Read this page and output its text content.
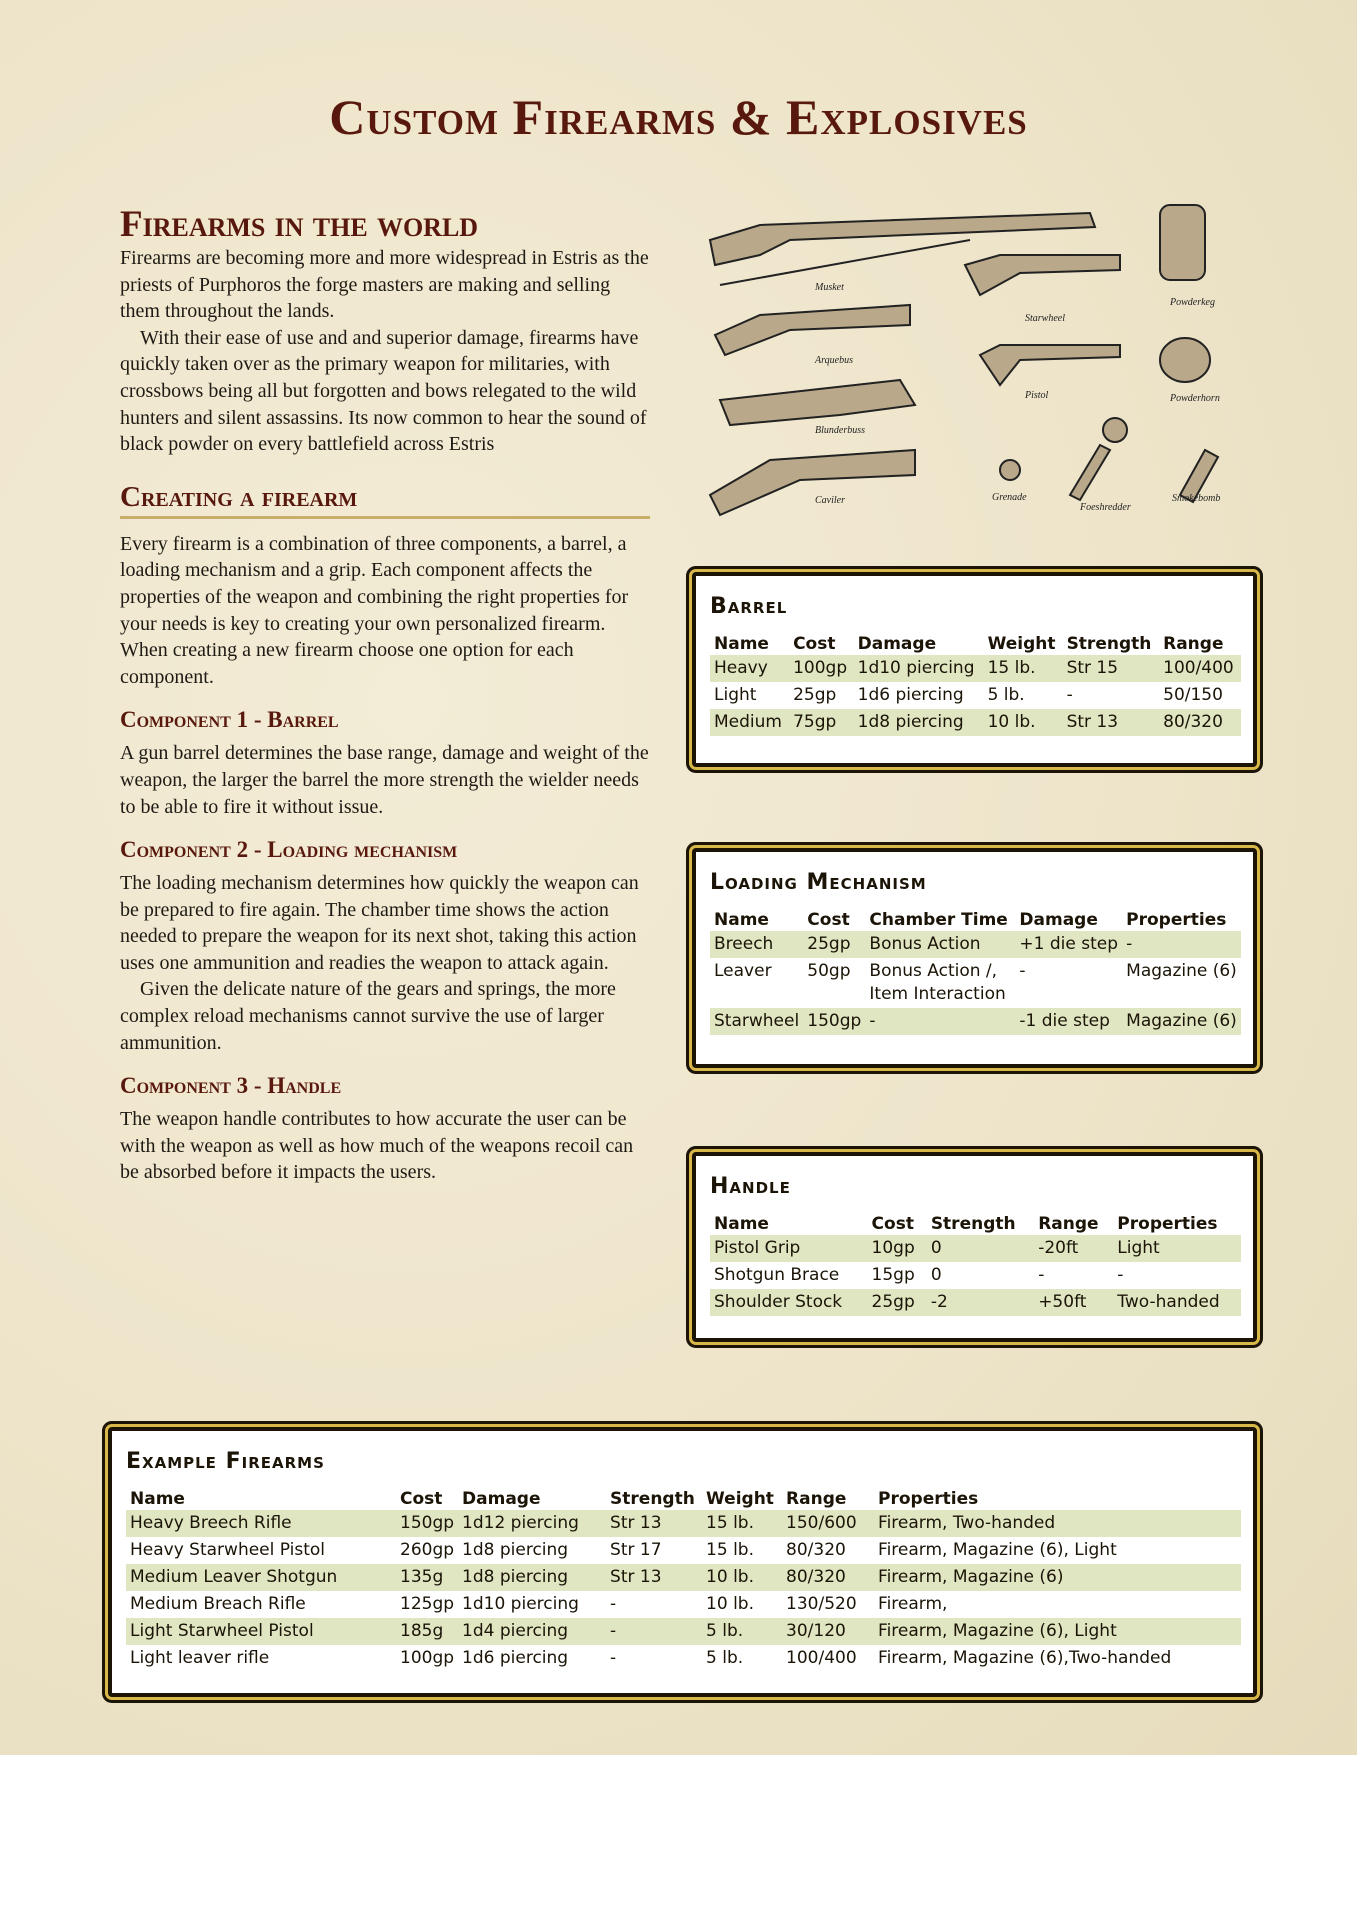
Custom Firearms & Explosives
Firearms in the world

Firearms are becoming more and more widespread in Estris as the priests of Purphoros the forge masters are making and selling them throughout the lands.

With their ease of use and and superior damage, firearms have quickly taken over as the primary weapon for militaries, with crossbows being all but forgotten and bows relegated to the wild hunters and silent assassins. Its now common to hear the sound of black powder on every battlefield across Estris

Creating a firearm

Every firearm is a combination of three components, a barrel, a loading mechanism and a grip. Each component affects the properties of the weapon and combining the right properties for your needs is key to creating your own personalized firearm. When creating a new firearm choose one option for each component.

Component 1 - Barrel

A gun barrel determines the base range, damage and weight of the weapon, the larger the barrel the more strength the wielder needs to be able to fire it without issue.

Component 2 - Loading mechanism

The loading mechanism determines how quickly the weapon can be prepared to fire again. The chamber time shows the action needed to prepare the weapon for its next shot, taking this action uses one ammunition and readies the weapon to attack again.

Given the delicate nature of the gears and springs, the more complex reload mechanisms cannot survive the use of larger ammunition.

Component 3 - Handle

The weapon handle contributes to how accurate the user can be with the weapon as well as how much of the weapons recoil can be absorbed before it impacts the users.

Musket
Starwheel
Powderkeg
Arquebus
Pistol	Powderhorn
Blunderbuss
Caviler	Grenade
Foeshredder
Smokebomb
Barrel
Name	Cost	Damage	Weight	Strength	Range
Heavy	100gp	1d10 piercing	15 lb.	Str 15	100/400
Light	25gp	1d6 piercing	5 lb.	-	50/150
Medium	75gp	1d8 piercing	10 lb.	Str 13	80/320
Loading Mechanism
Name	Cost	Chamber Time	Damage	Properties
Breech	25gp	Bonus Action	+1 die step	-
Leaver	50gp	Bonus Action /, Item Interaction	-	Magazine (6)
Starwheel	150gp	-	-1 die step	Magazine (6)
Handle
Name	Cost	Strength	Range	Properties
Pistol Grip	10gp	0	-20ft	Light
Shotgun Brace	15gp	0	-	-
Shoulder Stock	25gp	-2	+50ft	Two-handed
Example Firearms
Name	Cost	Damage	Strength	Weight	Range	Properties
Heavy Breech Rifle	150gp	1d12 piercing	Str 13	15 lb.	150/600	Firearm, Two-handed
Heavy Starwheel Pistol	260gp	1d8 piercing	Str 17	15 lb.	80/320	Firearm, Magazine (6), Light
Medium Leaver Shotgun	135g	1d8 piercing	Str 13	10 lb.	80/320	Firearm, Magazine (6)
Medium Breach Rifle	125gp	1d10 piercing	-	10 lb.	130/520	Firearm,
Light Starwheel Pistol	185g	1d4 piercing	-	5 lb.	30/120	Firearm, Magazine (6), Light
Light leaver rifle	100gp	1d6 piercing	-	5 lb.	100/400	Firearm, Magazine (6),Two-handed
